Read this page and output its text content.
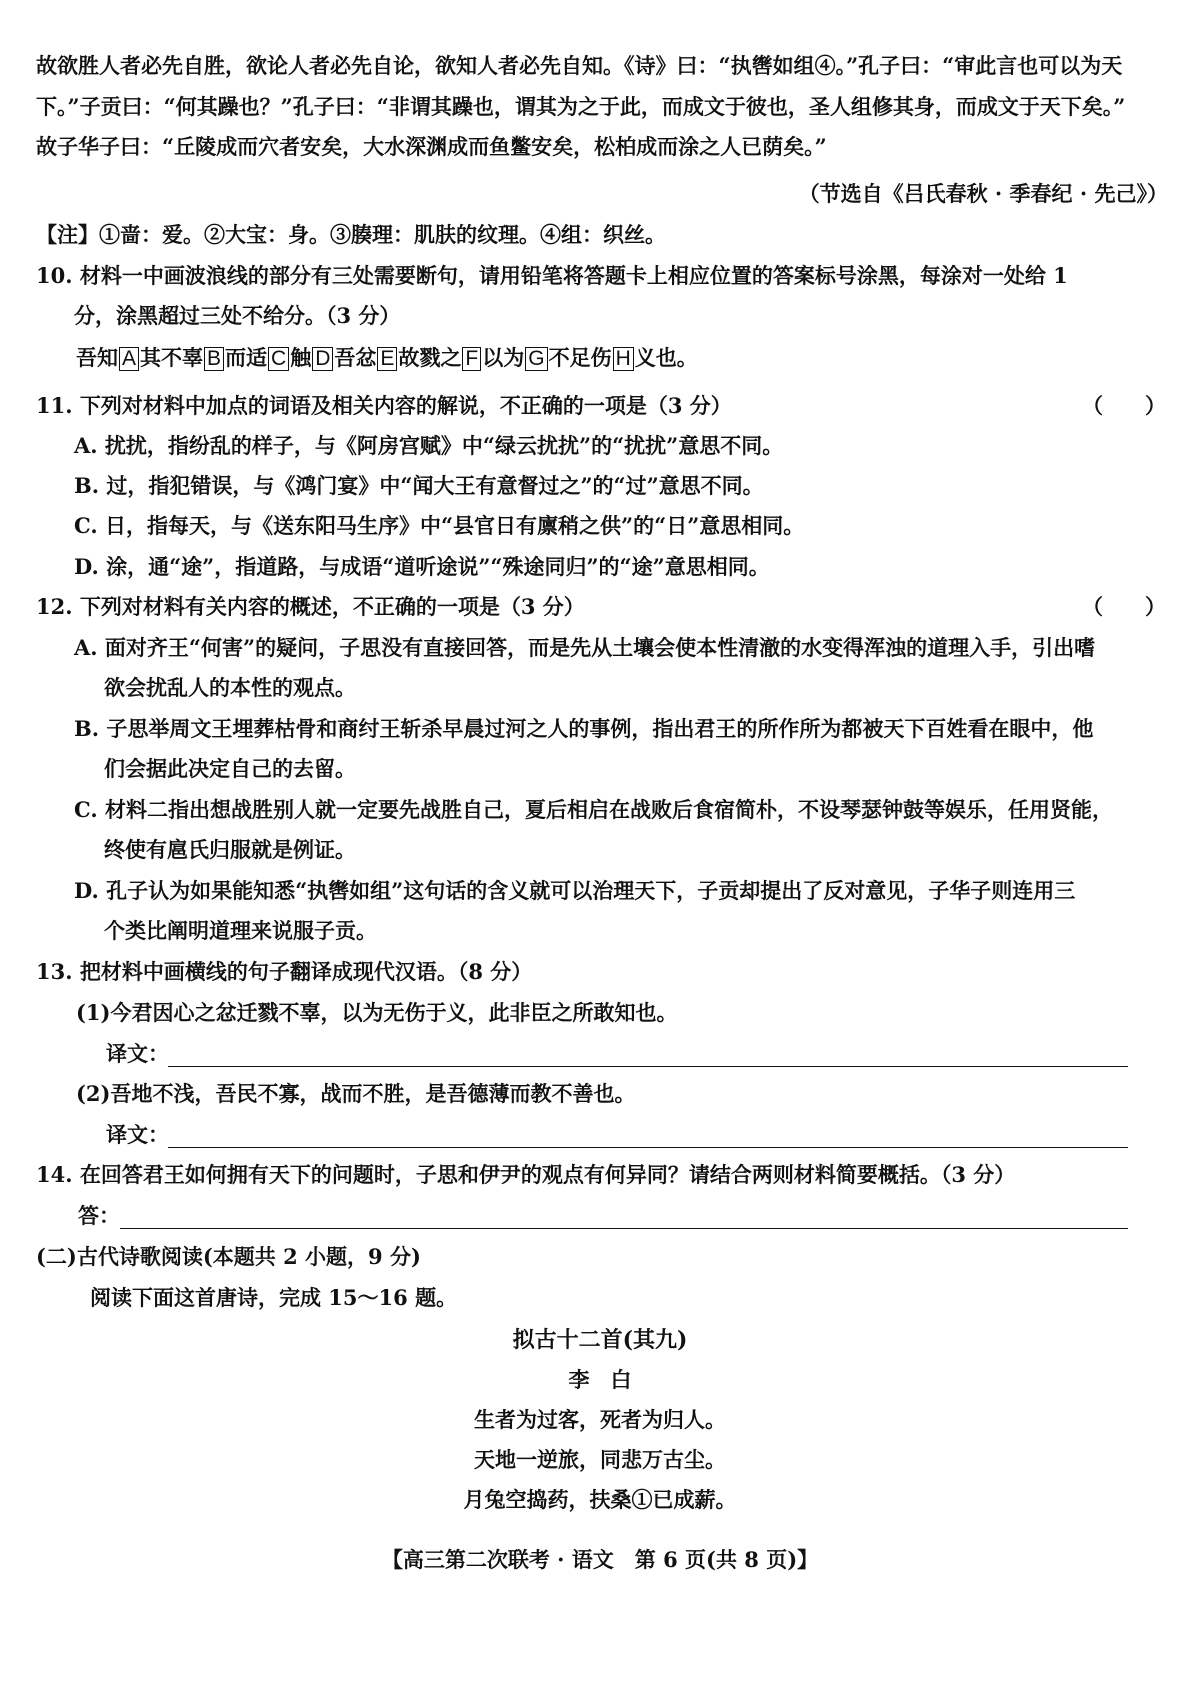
故欲胜人者必先自胜，欲论人者必先自论，欲知人者必先自知。《诗》曰：“执辔如组④。”孔子曰：“审此言也可以为天
下。”子贡曰：“何其躁也？”孔子曰：“非谓其躁也，谓其为之于此，而成文于彼也，圣人组修其身，而成文于天下矣。”
故子华子曰：“丘陵成而穴者安矣，大水深渊成而鱼鳖安矣，松柏成而涂之人已荫矣。”
（节选自《吕氏春秋 · 季春纪 · 先己》）
【注】①啬：爱。②大宝：身。③腠理：肌肤的纹理。④组：织丝。
10. 材料一中画波浪线的部分有三处需要断句，请用铅笔将答题卡上相应位置的答案标号涂黑，每涂对一处给 1
分，涂黑超过三处不给分。（3 分）
吾知 A 其不辜 B 而适 C 触 D 吾忿 E 故戮之 F 以为 G 不足伤 H 义也。
11. 下列对材料中加点的词语及相关内容的解说，不正确的一项是（3 分）	（　　）
A. 扰扰，指纷乱的样子，与《阿房宫赋》中“绿云扰扰”的“扰扰”意思不同。
B. 过，指犯错误，与《鸿门宴》中“闻大王有意督过之”的“过”意思不同。
C. 日，指每天，与《送东阳马生序》中“县官日有廪稍之供”的“日”意思相同。
D. 涂，通“途”，指道路，与成语“道听途说”“殊途同归”的“途”意思相同。
12. 下列对材料有关内容的概述，不正确的一项是（3 分）	（　　）
A. 面对齐王“何害”的疑问，子思没有直接回答，而是先从土壤会使本性清澈的水变得浑浊的道理入手，引出嗜
欲会扰乱人的本性的观点。
B. 子思举周文王埋葬枯骨和商纣王斩杀早晨过河之人的事例，指出君王的所作所为都被天下百姓看在眼中，他
们会据此决定自己的去留。
C. 材料二指出想战胜别人就一定要先战胜自己，夏后相启在战败后食宿简朴，不设琴瑟钟鼓等娱乐，任用贤能，
终使有扈氏归服就是例证。
D. 孔子认为如果能知悉“执辔如组”这句话的含义就可以治理天下，子贡却提出了反对意见，子华子则连用三
个类比阐明道理来说服子贡。
13. 把材料中画横线的句子翻译成现代汉语。（8 分）
(1)今君因心之忿迁戮不辜，以为无伤于义，此非臣之所敢知也。
译文：
(2)吾地不浅，吾民不寡，战而不胜，是吾德薄而教不善也。
译文：
14. 在回答君王如何拥有天下的问题时，子思和伊尹的观点有何异同？请结合两则材料简要概括。（3 分）
答：
(二)古代诗歌阅读(本题共 2 小题，9 分)
阅读下面这首唐诗，完成 15～16 题。
拟古十二首(其九)
李　白
生者为过客，死者为归人。
天地一逆旅，同悲万古尘。
月兔空捣药，扶桑①已成薪。
【高三第二次联考 · 语文　第 6 页(共 8 页)】
